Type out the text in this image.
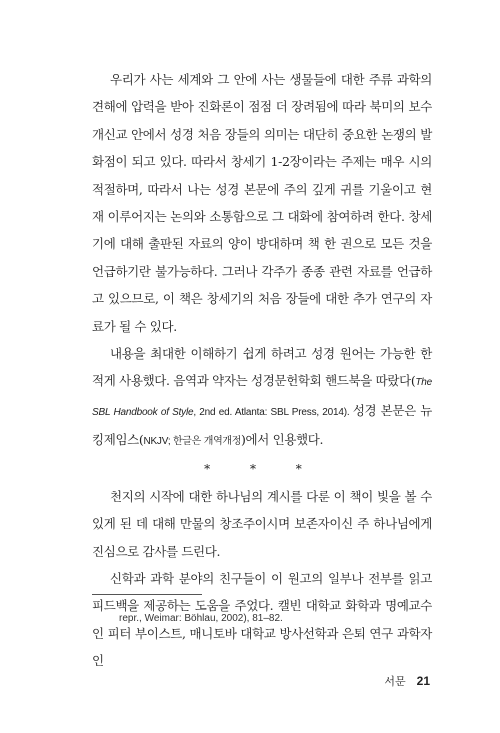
우리가 사는 세계와 그 안에 사는 생물들에 대한 주류 과학의 견해에 압력을 받아 진화론이 점점 더 장려됨에 따라 북미의 보수 개신교 안에서 성경 처음 장들의 의미는 대단히 중요한 논쟁의 발화점이 되고 있다. 따라서 창세기 1-2장이라는 주제는 매우 시의적절하며, 따라서 나는 성경 본문에 주의 깊게 귀를 기울이고 현재 이루어지는 논의와 소통함으로 그 대화에 참여하려 한다. 창세기에 대해 출판된 자료의 양이 방대하며 책 한 권으로 모든 것을 언급하기란 불가능하다. 그러나 각주가 종종 관련 자료를 언급하고 있으므로, 이 책은 창세기의 처음 장들에 대한 추가 연구의 자료가 될 수 있다.

내용을 최대한 이해하기 쉽게 하려고 성경 원어는 가능한 한 적게 사용했다. 음역과 약자는 성경문헌학회 핸드북을 따랐다(The SBL Handbook of Style, 2nd ed. Atlanta: SBL Press, 2014). 성경 본문은 뉴킹제임스(NKJV; 한글은 개역개정)에서 인용했다.

* * *

천지의 시작에 대한 하나님의 계시를 다룬 이 책이 빛을 볼 수 있게 된 데 대해 만물의 창조주이시며 보존자이신 주 하나님에게 진심으로 감사를 드린다.

신학과 과학 분야의 친구들이 이 원고의 일부나 전부를 읽고 피드백을 제공하는 도움을 주었다. 캘빈 대학교 화학과 명예교수인 피터 부이스트, 매니토바 대학교 방사선학과 은퇴 연구 과학자인

repr., Weimar: Böhlau, 2002), 81–82.

서문 21
